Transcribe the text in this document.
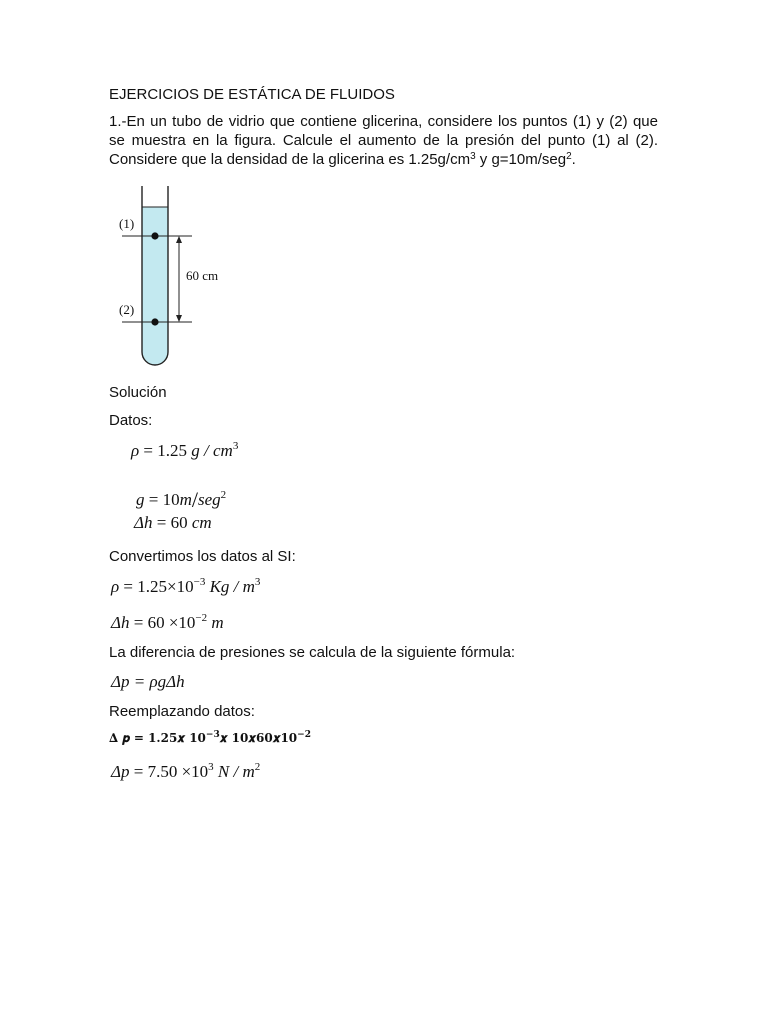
EJERCICIOS DE ESTÁTICA DE FLUIDOS
1.-En un tubo de vidrio que contiene glicerina, considere los puntos (1) y (2) que se muestra en la figura. Calcule el aumento de la presión del punto (1) al (2). Considere que la densidad de la glicerina es $1.25g/cm^3$ y g=10m/seg$^2$.
(1)
(2)
60 cm
Solución
Datos:
ρ = 1.25 g / $cm^3$
g = 10m/seg$^2$
Δh = 60 cm
Convertimos los datos al SI:
$\rho = 1.25\times 10^{-3}$ Kg / $m^3$
$\Delta h = 60 \times 10^{-2}$ m
La diferencia de presiones se calcula de la siguiente fórmula:
Δp = ρgΔh
Reemplazando datos:
∆ 𝒑 = 𝟏.𝟐𝟓𝒙 $𝟏𝟎^{-𝟑}𝒙$ $𝟏𝟎𝒙𝟔𝟎𝒙𝟏𝟎^{-𝟐}$
$\Delta p = 7.50 \times 10^3$ N / $m^2$
